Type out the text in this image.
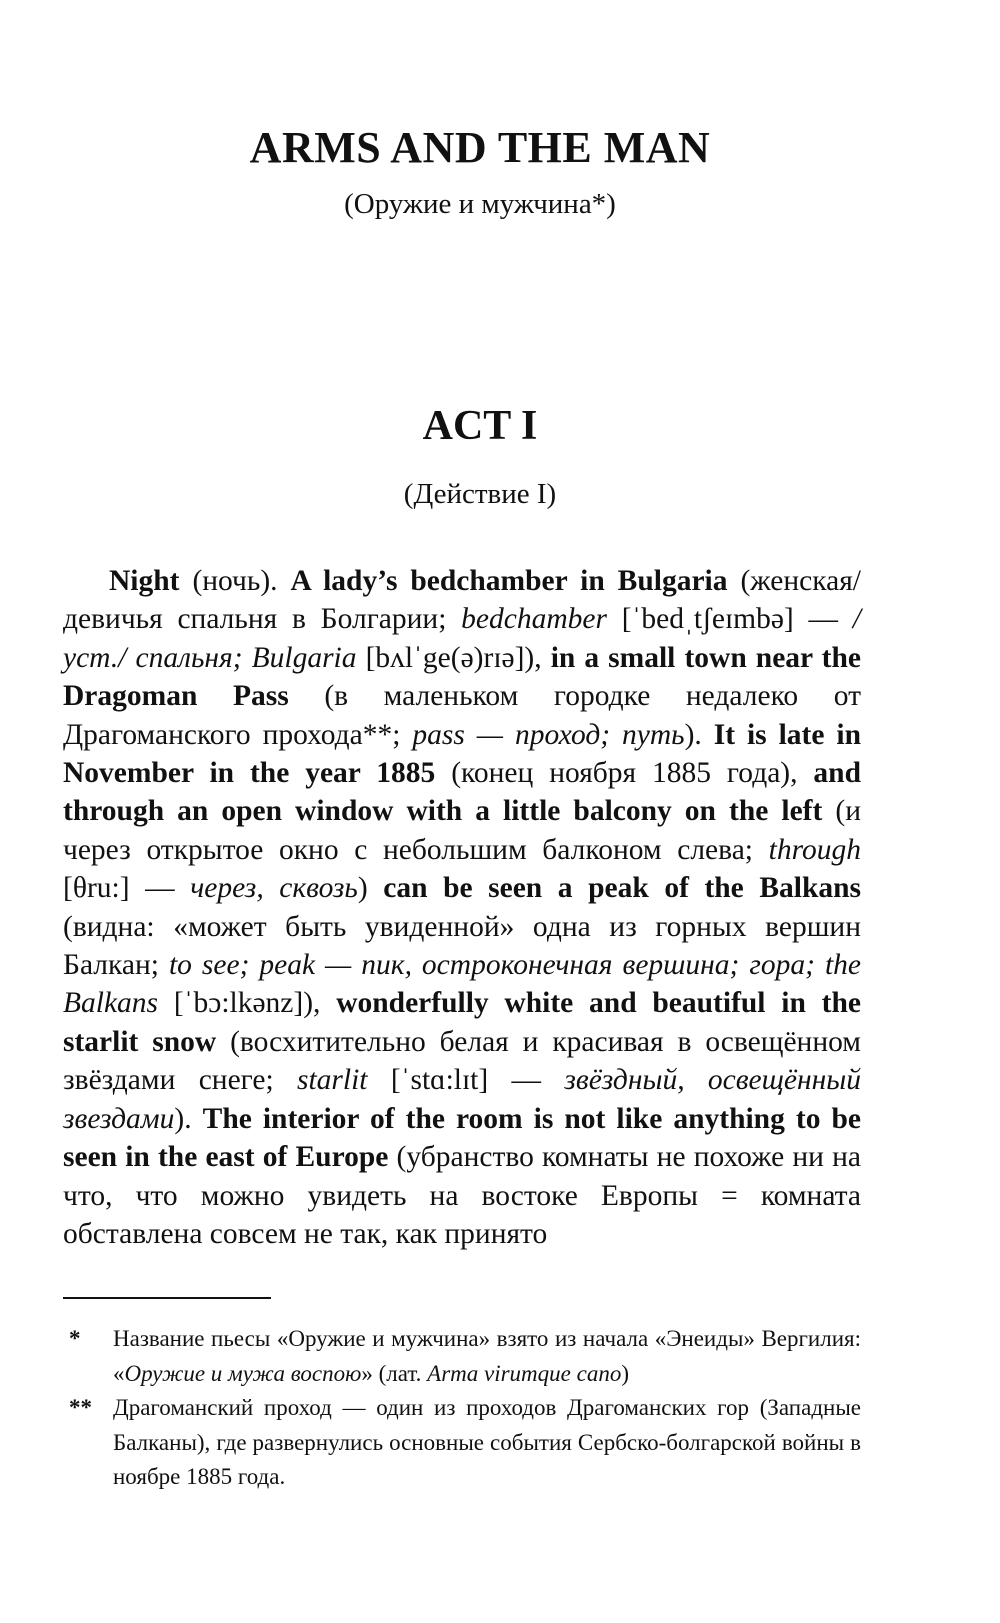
ARMS AND THE MAN
(Оружие и мужчина*)
ACT I
(Действие I)

Night (ночь). A lady’s bedchamber in Bulgaria (женская/девичья спальня в Болгарии; bedchamber [ˈbedˌtʃeɪmbə] — /уст./ спальня; Bulgaria [bʌlˈge(ə)rɪə]), in a small town near the Dragoman Pass (в маленьком городке недалеко от Драгоманского прохода**; pass — проход; путь). It is late in November in the year 1885 (конец ноября 1885 года), and through an open window with a little balcony on the left (и через открытое окно с небольшим балконом слева; through [θru:] — через, сквозь) can be seen a peak of the Balkans (видна: «может быть увиденной» одна из горных вершин Балкан; to see; peak — пик, остроконечная вершина; гора; the Balkans [ˈbɔ:lkənz]), wonderfully white and beautiful in the starlit snow (восхитительно белая и красивая в освещённом звёздами снеге; starlit [ˈstɑ:lɪt] — звёздный, освещённый звездами). The interior of the room is not like anything to be seen in the east of Europe (убранство комнаты не похоже ни на что, что можно увидеть на востоке Европы = комната обставлена совсем не так, как принято

* Название пьесы «Оружие и мужчина» взято из начала «Энеиды» Вергилия: «Оружие и мужа воспою» (лат. Arma virumque cano)
** Драгоманский проход — один из проходов Драгоманских гор (Западные Балканы), где развернулись основные события Сербско-болгарской войны в ноябре 1885 года.
